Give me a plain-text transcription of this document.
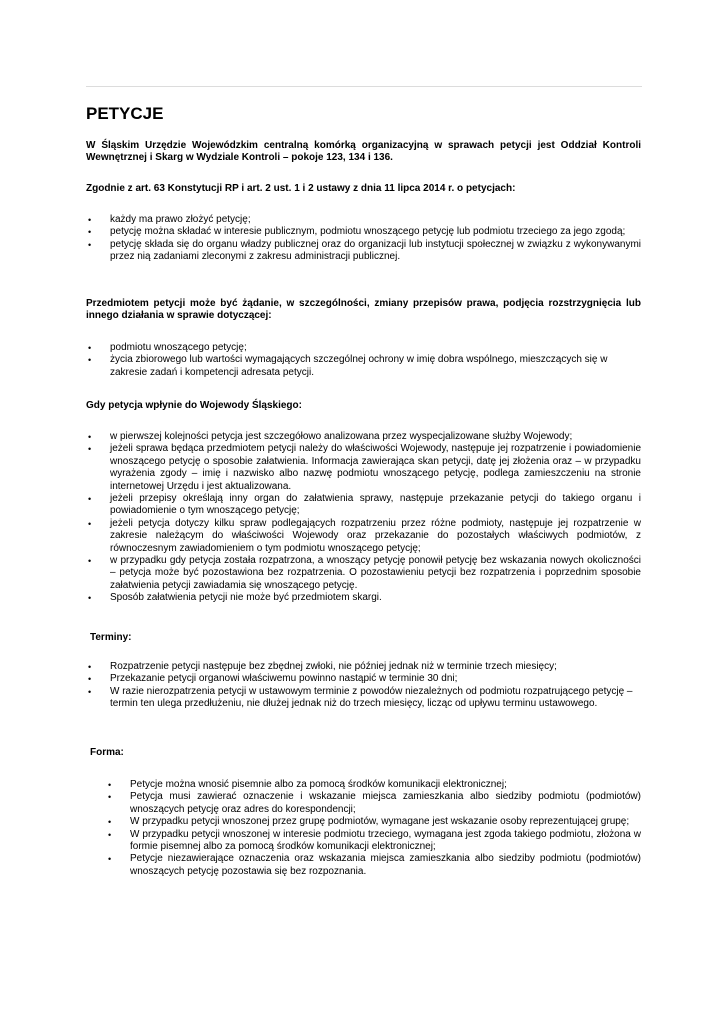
PETYCJE
W Śląskim Urzędzie Wojewódzkim centralną komórką organizacyjną w sprawach petycji jest Oddział Kontroli Wewnętrznej i Skarg w Wydziale Kontroli – pokoje 123, 134 i 136.
Zgodnie z art. 63 Konstytucji RP i art. 2 ust. 1 i 2 ustawy z dnia 11 lipca 2014 r. o petycjach:
• każdy ma prawo złożyć petycję;
• petycję można składać w interesie publicznym, podmiotu wnoszącego petycję lub podmiotu trzeciego za jego zgodą;
• petycję składa się do organu władzy publicznej oraz do organizacji lub instytucji społecznej w związku z wykonywanymi przez nią zadaniami zleconymi z zakresu administracji publicznej.
Przedmiotem petycji może być żądanie, w szczególności, zmiany przepisów prawa, podjęcia rozstrzygnięcia lub innego działania w sprawie dotyczącej:
• podmiotu wnoszącego petycję;
• życia zbiorowego lub wartości wymagających szczególnej ochrony w imię dobra wspólnego, mieszczących się w zakresie zadań i kompetencji adresata petycji.
Gdy petycja wpłynie do Wojewody Śląskiego:
• w pierwszej kolejności petycja jest szczegółowo analizowana przez wyspecjalizowane służby Wojewody;
• jeżeli sprawa będąca przedmiotem petycji należy do właściwości Wojewody, następuje jej rozpatrzenie i powiadomienie wnoszącego petycję o sposobie załatwienia. Informacja zawierająca skan petycji, datę jej złożenia oraz – w przypadku wyrażenia zgody – imię i nazwisko albo nazwę podmiotu wnoszącego petycję, podlega zamieszczeniu na stronie internetowej Urzędu i jest aktualizowana.
• jeżeli przepisy określają inny organ do załatwienia sprawy, następuje przekazanie petycji do takiego organu i powiadomienie o tym wnoszącego petycję;
• jeżeli petycja dotyczy kilku spraw podlegających rozpatrzeniu przez różne podmioty, następuje jej rozpatrzenie w zakresie należącym do właściwości Wojewody oraz przekazanie do pozostałych właściwych podmiotów, z równoczesnym zawiadomieniem o tym podmiotu wnoszącego petycję;
• w przypadku gdy petycja została rozpatrzona, a wnoszący petycję ponowił petycję bez wskazania nowych okoliczności – petycja może być pozostawiona bez rozpatrzenia. O pozostawieniu petycji bez rozpatrzenia i poprzednim sposobie załatwienia petycji zawiadamia się wnoszącego petycję.
• Sposób załatwienia petycji nie może być przedmiotem skargi.
Terminy:
• Rozpatrzenie petycji następuje bez zbędnej zwłoki, nie później jednak niż w terminie trzech miesięcy;
• Przekazanie petycji organowi właściwemu powinno nastąpić w terminie 30 dni;
• W razie nierozpatrzenia petycji w ustawowym terminie z powodów niezależnych od podmiotu rozpatrującego petycję – termin ten ulega przedłużeniu, nie dłużej jednak niż do trzech miesięcy, licząc od upływu terminu ustawowego.
Forma:
• Petycje można wnosić pisemnie albo za pomocą środków komunikacji elektronicznej;
• Petycja musi zawierać oznaczenie i wskazanie miejsca zamieszkania albo siedziby podmiotu (podmiotów) wnoszących petycję oraz adres do korespondencji;
• W przypadku petycji wnoszonej przez grupę podmiotów, wymagane jest wskazanie osoby reprezentującej grupę;
• W przypadku petycji wnoszonej w interesie podmiotu trzeciego, wymagana jest zgoda takiego podmiotu, złożona w formie pisemnej albo za pomocą środków komunikacji elektronicznej;
• Petycje niezawierające oznaczenia oraz wskazania miejsca zamieszkania albo siedziby podmiotu (podmiotów) wnoszących petycję pozostawia się bez rozpoznania.
